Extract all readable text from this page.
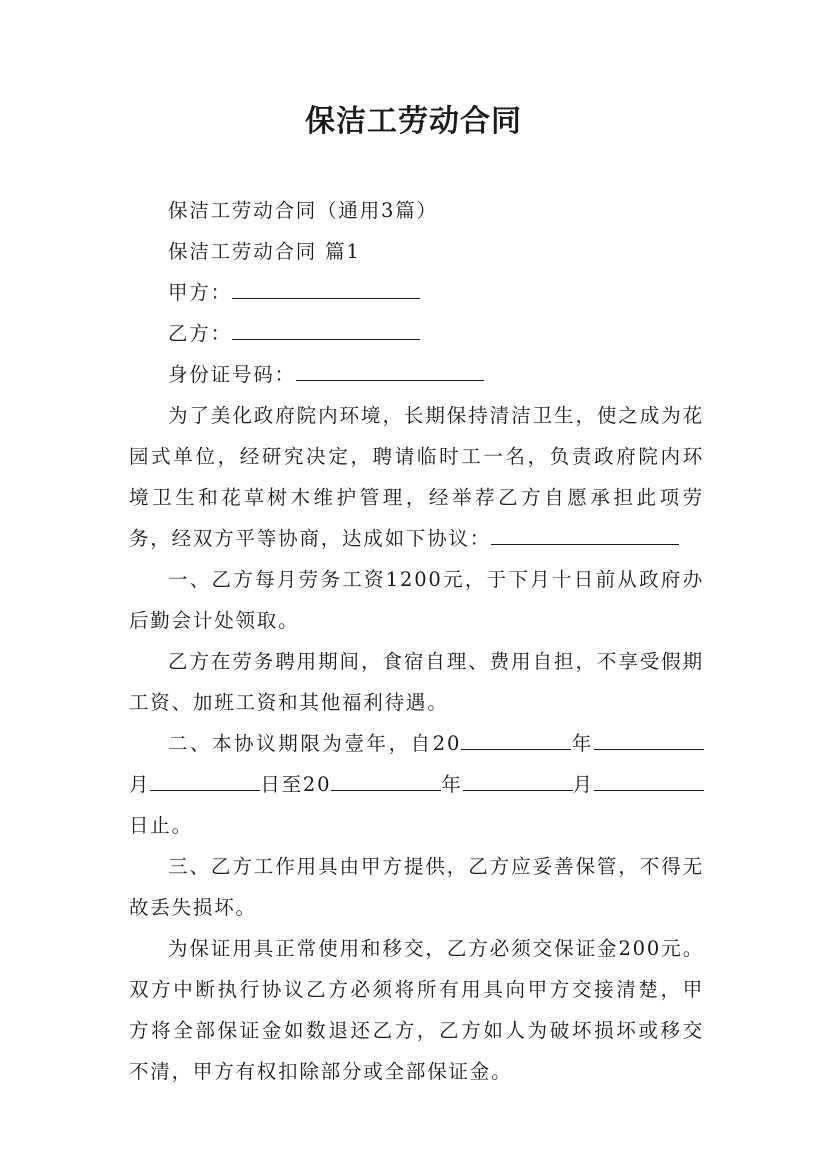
保洁工劳动合同

保洁工劳动合同（通用3篇）

保洁工劳动合同 篇1

甲方：

乙方：

身份证号码：

为了美化政府院内环境，长期保持清洁卫生，使之成为花园式单位，经研究决定，聘请临时工一名，负责政府院内环境卫生和花草树木维护管理，经举荐乙方自愿承担此项劳务，经双方平等协商，达成如下协议：

一、乙方每月劳务工资1200元，于下月十日前从政府办后勤会计处领取。

乙方在劳务聘用期间，食宿自理、费用自担，不享受假期工资、加班工资和其他福利待遇。

二、本协议期限为壹年，自20	年月	日至20	年	月日止。

三、乙方工作用具由甲方提供，乙方应妥善保管，不得无故丢失损坏。

为保证用具正常使用和移交，乙方必须交保证金200元。双方中断执行协议乙方必须将所有用具向甲方交接清楚，甲方将全部保证金如数退还乙方，乙方如人为破坏损坏或移交不清，甲方有权扣除部分或全部保证金。
